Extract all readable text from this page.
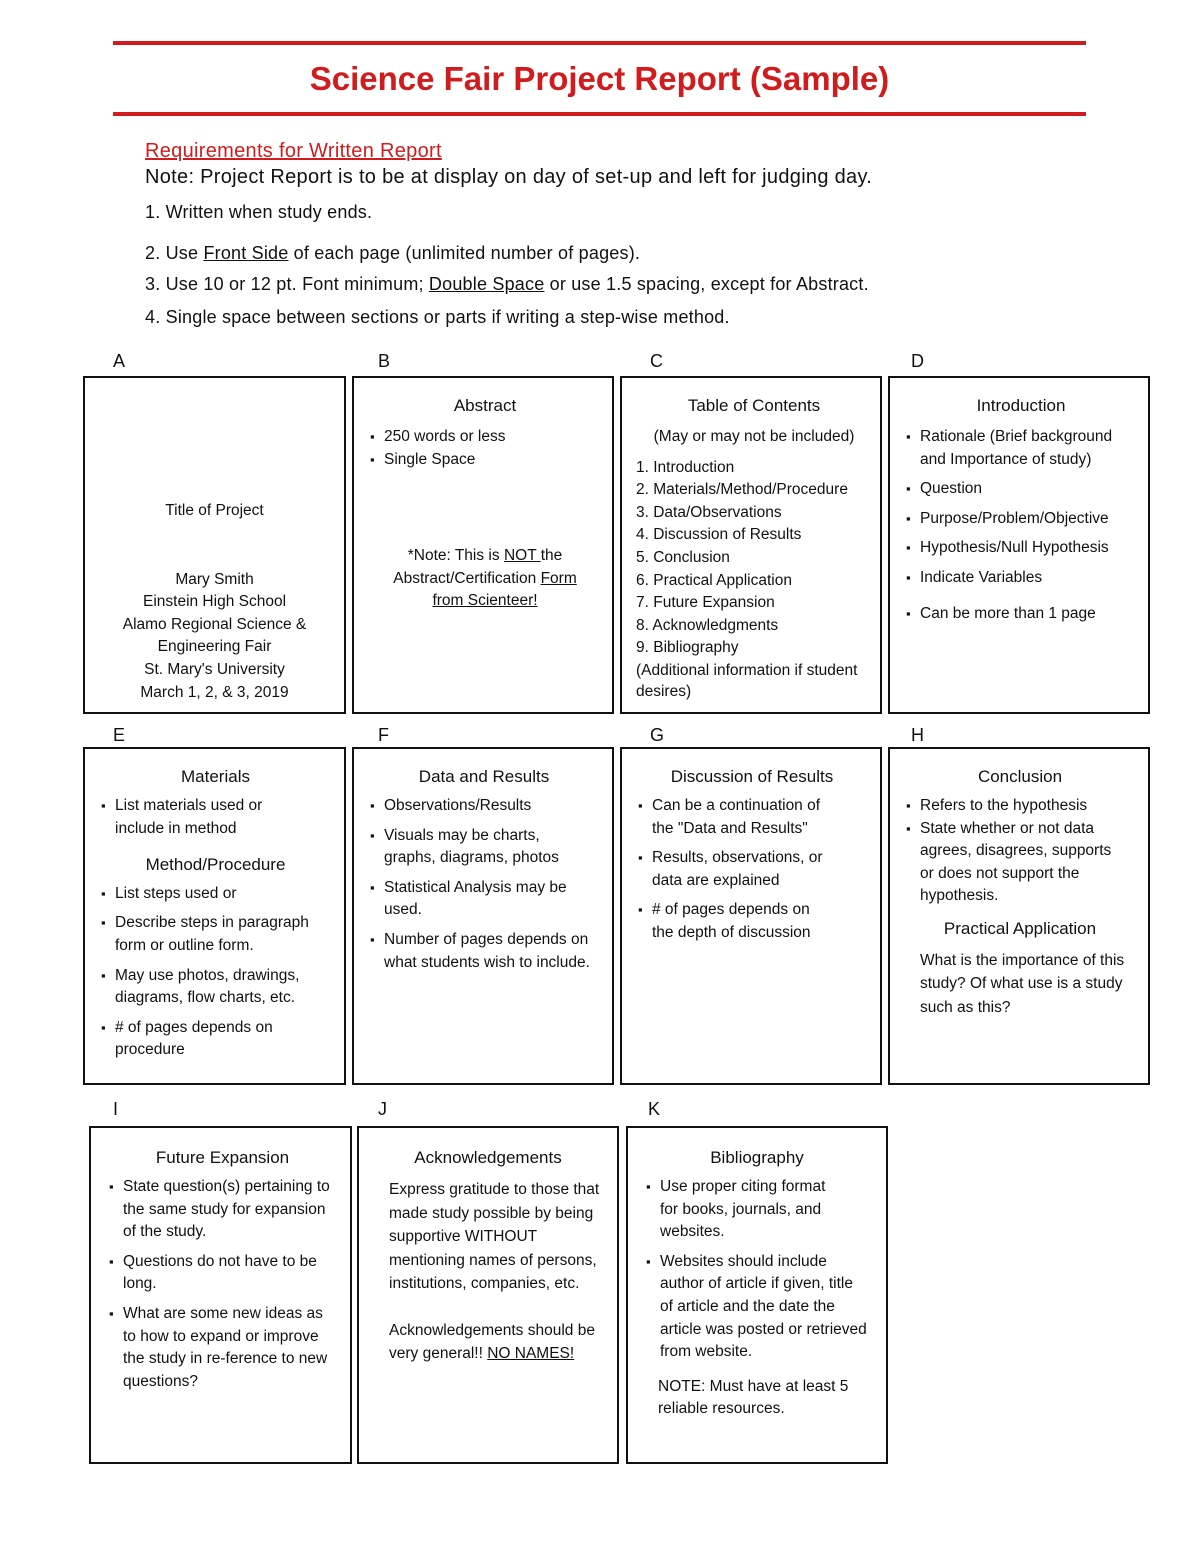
Science Fair Project Report (Sample)

Requirements for Written Report

Note: Project Report is to be at display on day of set-up and left for judging day.

1. Written when study ends.
2. Use Front Side of each page (unlimited number of pages).
3. Use 10 or 12 pt. Font minimum; Double Space or use 1.5 spacing, except for Abstract.
4. Single space between sections or parts if writing a step-wise method.
A	B	C	D
Title of Project
Mary Smith
Einstein High School
Alamo Regional Science &
Engineering Fair
St. Mary's University
March 1, 2, & 3, 2019
Abstract
▪ 250 words or less
▪ Single Space

*Note: This is NOT the
Abstract/Certification Form
from Scienteer!

Table of Contents

(May or may not be included)

1. Introduction
2. Materials/Method/Procedure
3. Data/Observations
4. Discussion of Results
5. Conclusion
6. Practical Application
7. Future Expansion
8. Acknowledgments
9. Bibliography
(Additional information if student desires)
Introduction
▪ Rationale (Brief background and Importance of study)
▪ Question
▪ Purpose/Problem/Objective
▪ Hypothesis/Null Hypothesis
▪ Indicate Variables
▪ Can be more than 1 page
E	F	G	H
Materials
▪ List materials used or include in method
Method/Procedure
▪ List steps used or
▪ Describe steps in paragraph form or outline form.
▪ May use photos, drawings, diagrams, flow charts, etc.
▪ # of pages depends on procedure
Data and Results
▪ Observations/Results
▪ Visuals may be charts, graphs, diagrams, photos
▪ Statistical Analysis may be used.
▪ Number of pages depends on what students wish to include.
Discussion of Results
▪ Can be a continuation of the "Data and Results"
▪ Results, observations, or data are explained
▪ # of pages depends on the depth of discussion
Conclusion
▪ Refers to the hypothesis
▪ State whether or not data agrees, disagrees, supports or does not support the hypothesis.
Practical Application

What is the importance of this study? Of what use is a study such as this?

I	J	K
Future Expansion
▪ State question(s) pertaining to the same study for expansion of the study.
▪ Questions do not have to be long.
▪ What are some new ideas as to how to expand or improve the study in re-ference to new questions?
Acknowledgements

Express gratitude to those that made study possible by being supportive WITHOUT mentioning names of persons, institutions, companies, etc.

Acknowledgements should be very general!! NO NAMES!

Bibliography
▪ Use proper citing format for books, journals, and websites.
▪ Websites should include author of article if given, title of article and the date the article was posted or retrieved from website.

NOTE: Must have at least 5 reliable resources.
